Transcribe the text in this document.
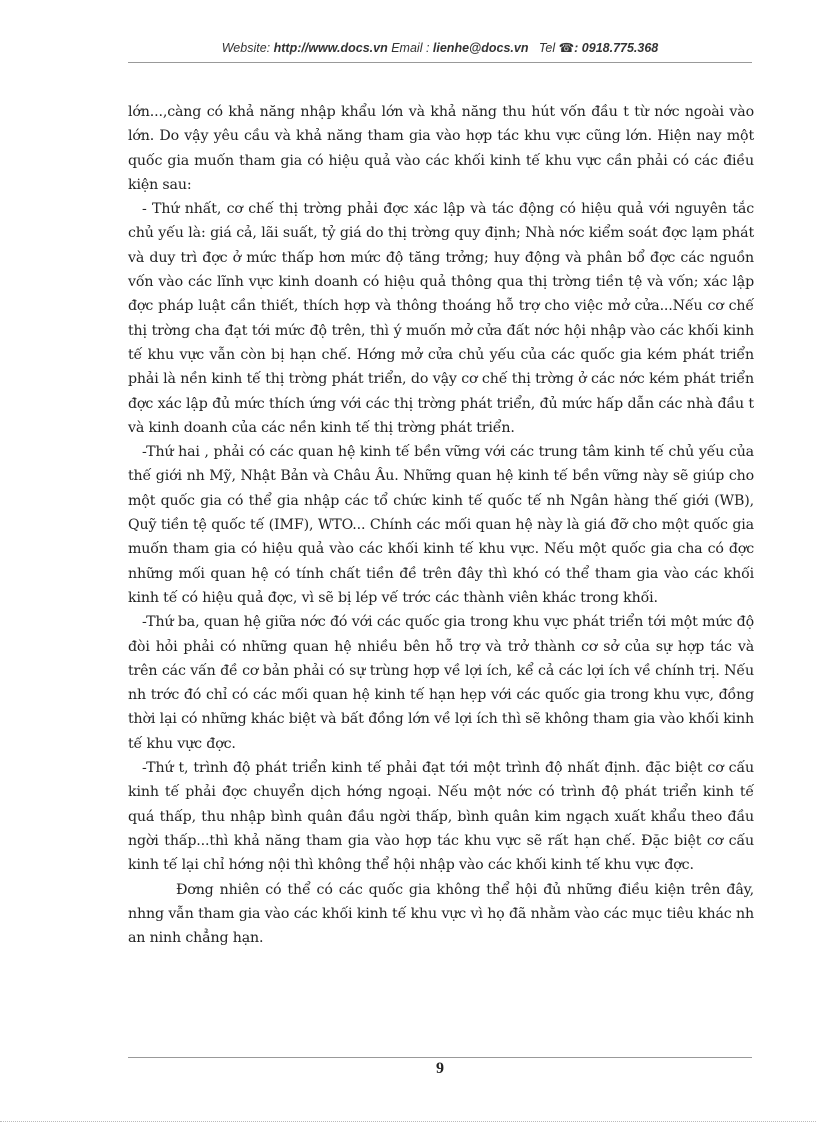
Website: http://www.docs.vn Email : lienhe@docs.vn Tel ☎: 0918.775.368

lớn...,càng có khả năng nhập khẩu lớn và khả năng thu hút vốn đầu t từ nớc ngoài vào lớn. Do vậy yêu cầu và khả năng tham gia vào hợp tác khu vực cũng lớn. Hiện nay một quốc gia muốn tham gia có hiệu quả vào các khối kinh tế khu vực cần phải có các điều kiện sau:

- Thứ nhất, cơ chế thị trờng phải đợc xác lập và tác động có hiệu quả với nguyên tắc chủ yếu là: giá cả, lãi suất, tỷ giá do thị trờng quy định; Nhà nớc kiểm soát đợc lạm phát và duy trì đợc ở mức thấp hơn mức độ tăng trởng; huy động và phân bổ đợc các nguồn vốn vào các lĩnh vực kinh doanh có hiệu quả thông qua thị trờng tiền tệ và vốn; xác lập đợc pháp luật cần thiết, thích hợp và thông thoáng hỗ trợ cho việc mở cửa...Nếu cơ chế thị trờng cha đạt tới mức độ trên, thì ý muốn mở cửa đất nớc hội nhập vào các khối kinh tế khu vực vẫn còn bị hạn chế. Hớng mở cửa chủ yếu của các quốc gia kém phát triển phải là nền kinh tế thị trờng phát triển, do vậy cơ chế thị trờng ở các nớc kém phát triển đợc xác lập đủ mức thích ứng với các thị trờng phát triển, đủ mức hấp dẫn các nhà đầu t và kinh doanh của các nền kinh tế thị trờng phát triển.

-Thứ hai , phải có các quan hệ kinh tế bền vững với các trung tâm kinh tế chủ yếu của thế giới nh Mỹ, Nhật Bản và Châu Âu. Những quan hệ kinh tế bền vững này sẽ giúp cho một quốc gia có thể gia nhập các tổ chức kinh tế quốc tế nh Ngân hàng thế giới (WB), Quỹ tiền tệ quốc tế (IMF), WTO... Chính các mối quan hệ này là giá đỡ cho một quốc gia muốn tham gia có hiệu quả vào các khối kinh tế khu vực. Nếu một quốc gia cha có đợc những mối quan hệ có tính chất tiền đề trên đây thì khó có thể tham gia vào các khối kinh tế có hiệu quả đợc, vì sẽ bị lép vế trớc các thành viên khác trong khối.

-Thứ ba, quan hệ giữa nớc đó với các quốc gia trong khu vực phát triển tới một mức độ đòi hỏi phải có những quan hệ nhiều bên hỗ trợ và trở thành cơ sở của sự hợp tác và trên các vấn đề cơ bản phải có sự trùng hợp về lợi ích, kể cả các lợi ích về chính trị. Nếu nh trớc đó chỉ có các mối quan hệ kinh tế hạn hẹp với các quốc gia trong khu vực, đồng thời lại có những khác biệt và bất đồng lớn về lợi ích thì sẽ không tham gia vào khối kinh tế khu vực đợc.

-Thứ t, trình độ phát triển kinh tế phải đạt tới một trình độ nhất định. đặc biệt cơ cấu kinh tế phải đợc chuyển dịch hớng ngoại. Nếu một nớc có trình độ phát triển kinh tế quá thấp, thu nhập bình quân đầu ngời thấp, bình quân kim ngạch xuất khẩu theo đầu ngời thấp...thì khả năng tham gia vào hợp tác khu vực sẽ rất hạn chế. Đặc biệt cơ cấu kinh tế lại chỉ hớng nội thì không thể hội nhập vào các khối kinh tế khu vực đợc.

Đơng nhiên có thể có các quốc gia không thể hội đủ những điều kiện trên đây, nhng vẫn tham gia vào các khối kinh tế khu vực vì họ đã nhằm vào các mục tiêu khác nh an ninh chẳng hạn.

9
